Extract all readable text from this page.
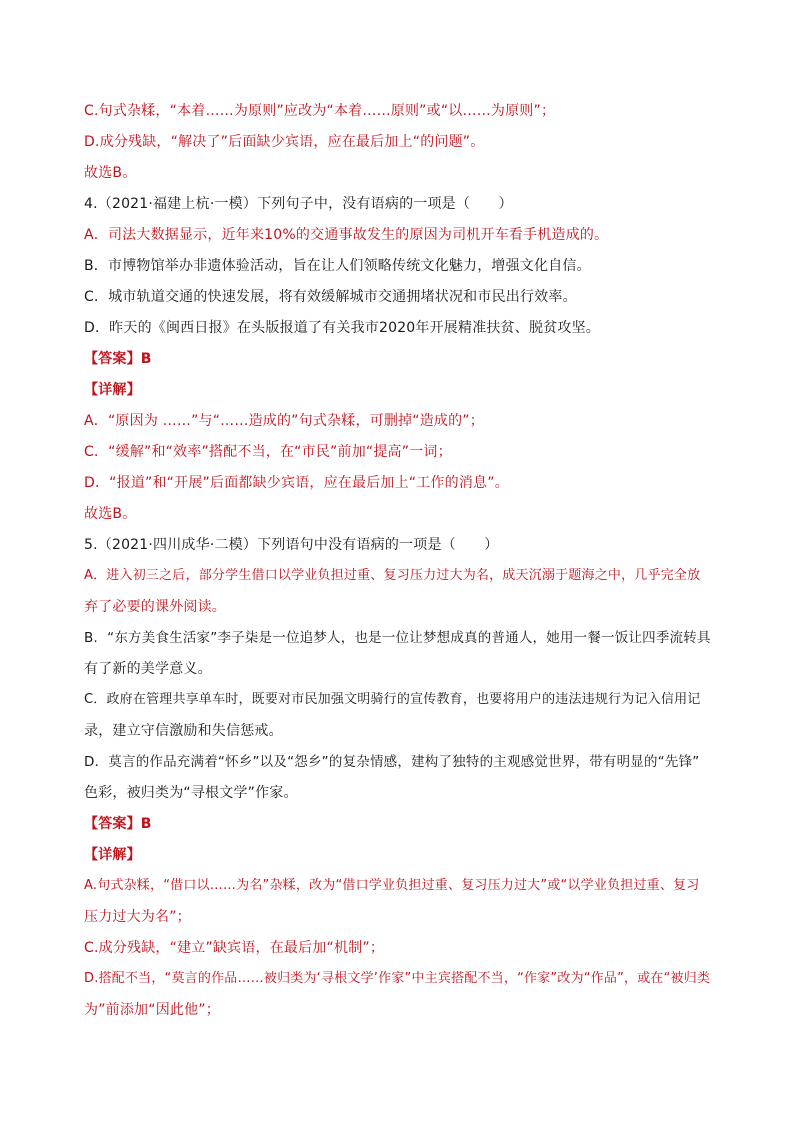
C.句式杂糅，“本着……为原则”应改为“本着……原则”或“以……为原则”；
D.成分残缺，“解决了”后面缺少宾语，应在最后加上“的问题”。
故选B。
4.（2021·福建上杭·一模）下列句子中，没有语病的一项是（　　）
A．司法大数据显示，近年来10%的交通事故发生的原因为司机开车看手机造成的。
B．市博物馆举办非遗体验活动，旨在让人们领略传统文化魅力，增强文化自信。
C．城市轨道交通的快速发展，将有效缓解城市交通拥堵状况和市民出行效率。
D．昨天的《闽西日报》在头版报道了有关我市2020年开展精准扶贫、脱贫攻坚。
【答案】B
【详解】
A．“原因为 ……”与“……造成的”句式杂糅，可删掉“造成的”；
C．“缓解”和“效率”搭配不当，在“市民”前加“提高”一词；
D．“报道”和“开展”后面都缺少宾语，应在最后加上“工作的消息”。
故选B。
5.（2021·四川成华·二模）下列语句中没有语病的一项是（　　）
A．进入初三之后，部分学生借口以学业负担过重、复习压力过大为名，成天沉溺于题海之中，几乎完全放
弃了必要的课外阅读。
B．“东方美食生活家”李子柒是一位追梦人，也是一位让梦想成真的普通人，她用一餐一饭让四季流转具
有了新的美学意义。
C．政府在管理共享单车时，既要对市民加强文明骑行的宣传教育，也要将用户的违法违规行为记入信用记
录，建立守信激励和失信惩戒。
D．莫言的作品充满着“怀乡”以及“怨乡”的复杂情感，建构了独特的主观感觉世界，带有明显的“先锋”
色彩，被归类为“寻根文学”作家。
【答案】B
【详解】
A.句式杂糅，“借口以……为名”杂糅，改为“借口学业负担过重、复习压力过大”或“以学业负担过重、复习
压力过大为名”；
C.成分残缺，“建立”缺宾语，在最后加“机制”；
D.搭配不当，“莫言的作品……被归类为‘寻根文学’作家”中主宾搭配不当，“作家”改为“作品”，或在“被归类
为”前添加“因此他”；
